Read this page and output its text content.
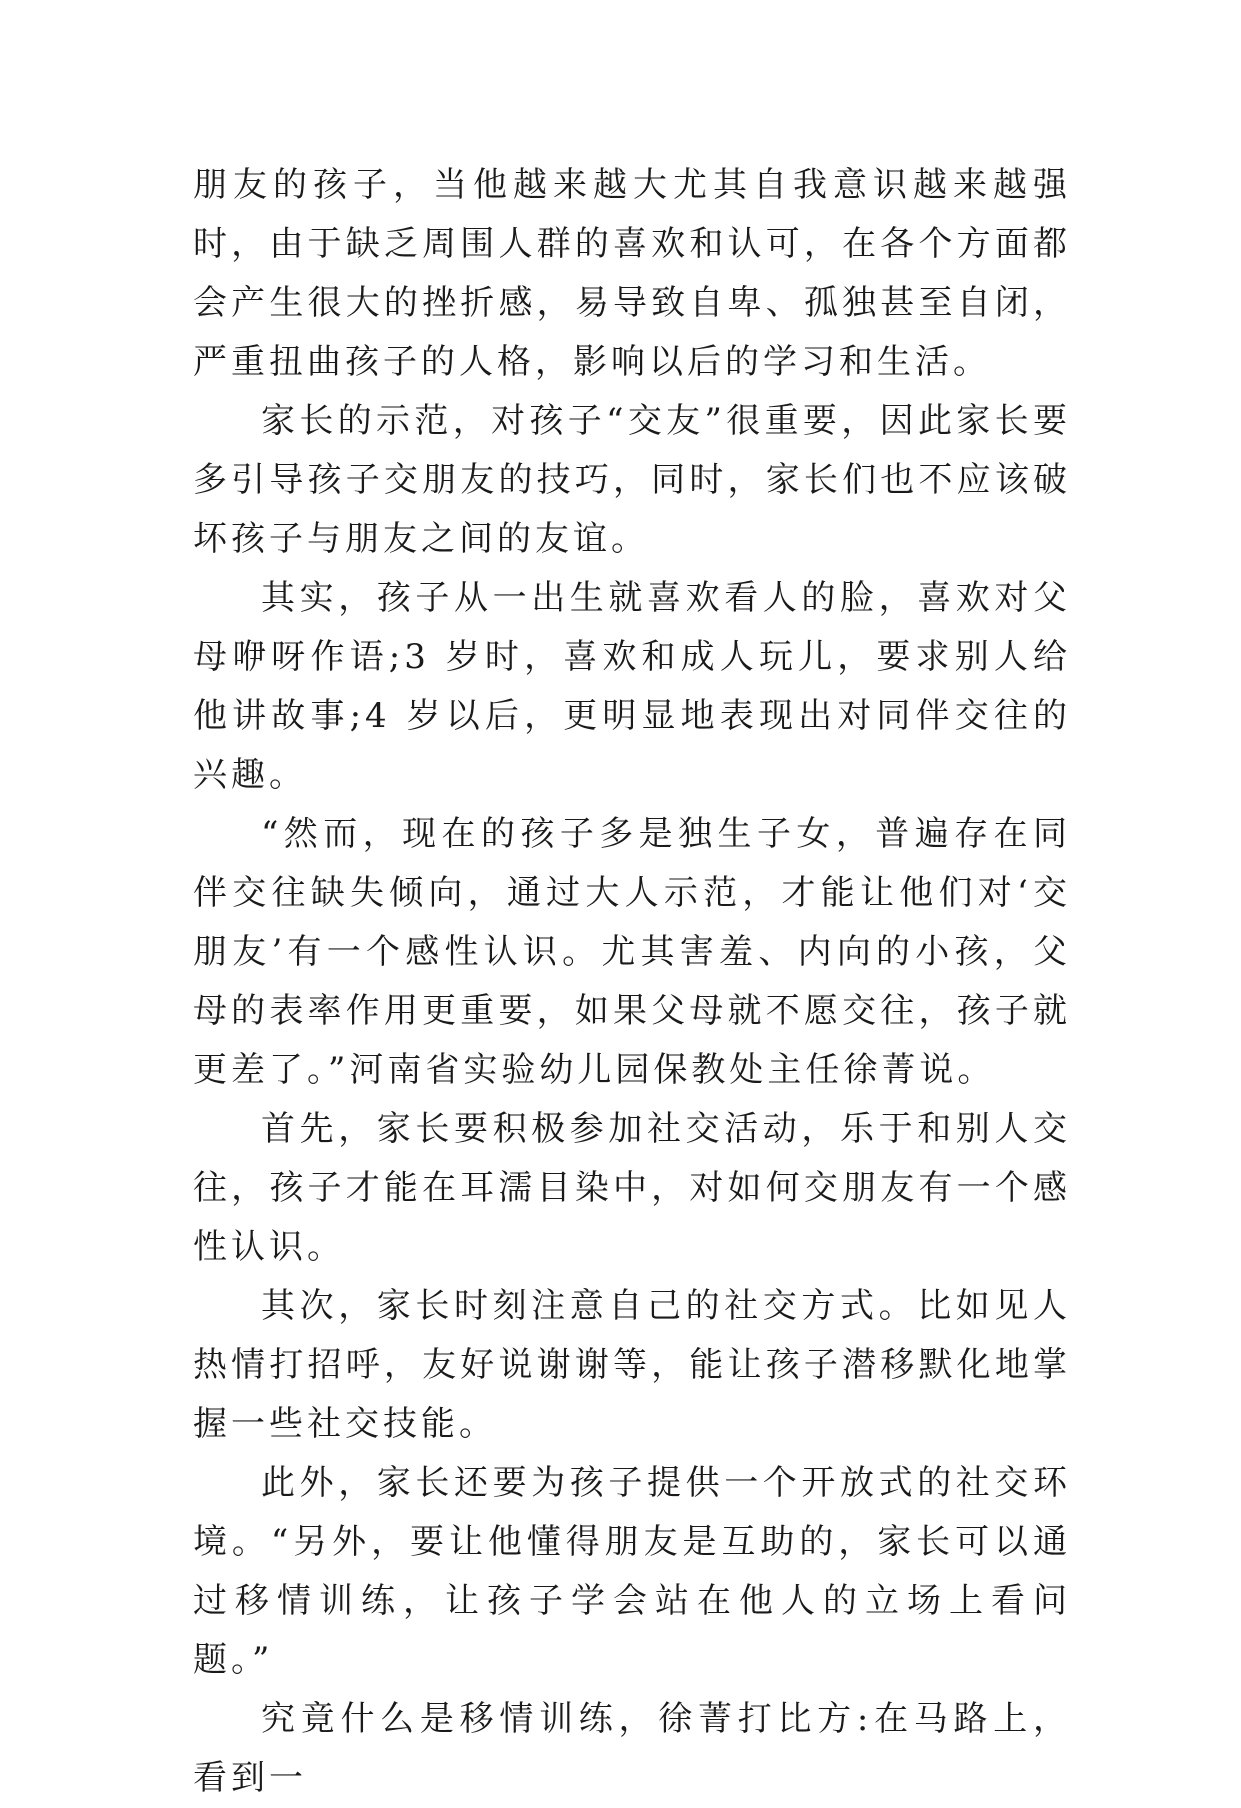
朋友的孩子，当他越来越大尤其自我意识越来越强时，由于缺乏周围人群的喜欢和认可，在各个方面都会产生很大的挫折感，易导致自卑、孤独甚至自闭，严重扭曲孩子的人格，影响以后的学习和生活。

家长的示范，对孩子“交友”很重要，因此家长要多引导孩子交朋友的技巧，同时，家长们也不应该破坏孩子与朋友之间的友谊。

其实，孩子从一出生就喜欢看人的脸，喜欢对父母咿呀作语;3 岁时，喜欢和成人玩儿，要求别人给他讲故事;4 岁以后，更明显地表现出对同伴交往的兴趣。

“然而，现在的孩子多是独生子女，普遍存在同伴交往缺失倾向，通过大人示范，才能让他们对‘交朋友’有一个感性认识。尤其害羞、内向的小孩，父母的表率作用更重要，如果父母就不愿交往，孩子就更差了。”河南省实验幼儿园保教处主任徐菁说。

首先，家长要积极参加社交活动，乐于和别人交往，孩子才能在耳濡目染中，对如何交朋友有一个感性认识。

其次，家长时刻注意自己的社交方式。比如见人热情打招呼，友好说谢谢等，能让孩子潜移默化地掌握一些社交技能。

此外，家长还要为孩子提供一个开放式的社交环境。“另外，要让他懂得朋友是互助的，家长可以通过移情训练，让孩子学会站在他人的立场上看问题。”

究竟什么是移情训练，徐菁打比方:在马路上，看到一
